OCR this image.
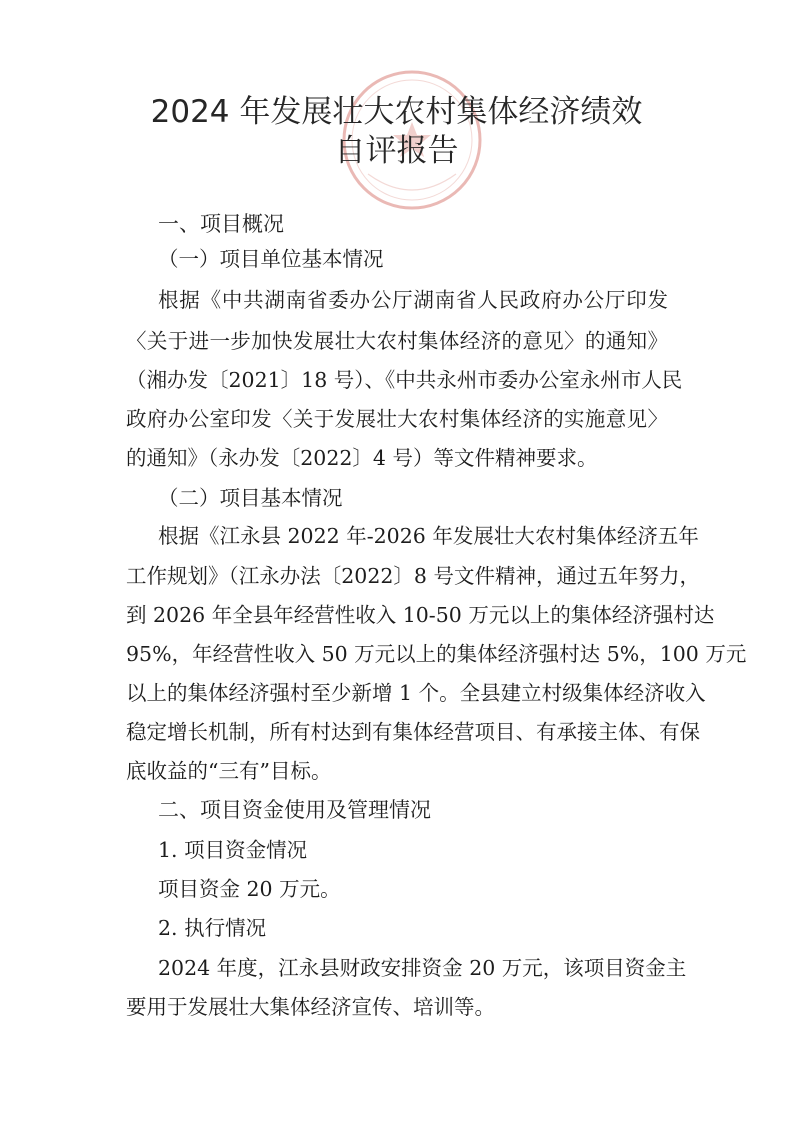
2024 年发展壮大农村集体经济绩效
自评报告
一、项目概况
（一）项目单位基本情况
根据《中共湖南省委办公厅湖南省人民政府办公厅印发
〈关于进一步加快发展壮大农村集体经济的意见〉的通知》
（湘办发〔2021〕18 号）、《中共永州市委办公室永州市人民
政府办公室印发〈关于发展壮大农村集体经济的实施意见〉
的通知》（永办发〔2022〕4 号）等文件精神要求。
（二）项目基本情况
根据《江永县 2022 年-2026 年发展壮大农村集体经济五年
工作规划》（江永办法〔2022〕8 号文件精神，通过五年努力，
到 2026 年全县年经营性收入 10-50 万元以上的集体经济强村达
95%，年经营性收入 50 万元以上的集体经济强村达 5%，100 万元
以上的集体经济强村至少新增 1 个。全县建立村级集体经济收入
稳定增长机制，所有村达到有集体经营项目、有承接主体、有保
底收益的“三有”目标。
二、项目资金使用及管理情况
1. 项目资金情况
项目资金 20 万元。
2. 执行情况
2024 年度，江永县财政安排资金 20 万元，该项目资金主
要用于发展壮大集体经济宣传、培训等。
